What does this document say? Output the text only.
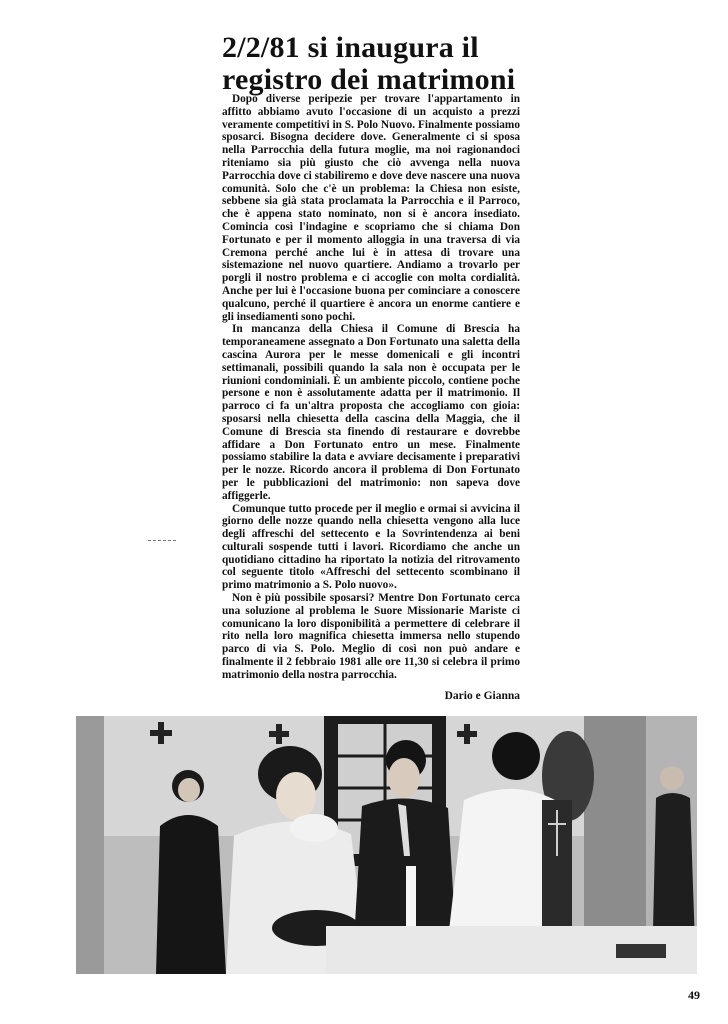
2/2/81 si inaugura il
registro dei matrimoni

Dopo diverse peripezie per trovare l'appartamento in affitto abbiamo avuto l'occasione di un acquisto a prezzi veramente competitivi in S. Polo Nuovo. Finalmente possiamo sposarci. Bisogna decidere dove. Generalmente ci si sposa nella Parrocchia della futura moglie, ma noi ragionandoci riteniamo sia più giusto che ciò avvenga nella nuova Parrocchia dove ci stabiliremo e dove deve nascere una nuova comunità. Solo che c'è un problema: la Chiesa non esiste, sebbene sia già stata proclamata la Parrocchia e il Parroco, che è appena stato nominato, non si è ancora insediato. Comincia così l'indagine e scopriamo che si chiama Don Fortunato e per il momento alloggia in una traversa di via Cremona perché anche lui è in attesa di trovare una sistemazione nel nuovo quartiere. Andiamo a trovarlo per porgli il nostro problema e ci accoglie con molta cordialità. Anche per lui è l'occasione buona per cominciare a conoscere qualcuno, perché il quartiere è ancora un enorme cantiere e gli insediamenti sono pochi.

In mancanza della Chiesa il Comune di Brescia ha temporaneamene assegnato a Don Fortunato una saletta della cascina Aurora per le messe domenicali e gli incontri settimanali, possibili quando la sala non è occupata per le riunioni condominiali. È un ambiente piccolo, contiene poche persone e non è assolutamente adatta per il matrimonio. Il parroco ci fa un'altra proposta che accogliamo con gioia: sposarsi nella chiesetta della cascina della Maggia, che il Comune di Brescia sta finendo di restaurare e dovrebbe affidare a Don Fortunato entro un mese. Finalmente possiamo stabilire la data e avviare decisamente i preparativi per le nozze. Ricordo ancora il problema di Don Fortunato per le pubblicazioni del matrimonio: non sapeva dove affiggerle.

Comunque tutto procede per il meglio e ormai si avvicina il giorno delle nozze quando nella chiesetta vengono alla luce degli affreschi del settecento e la Sovrintendenza ai beni culturali sospende tutti i lavori. Ricordiamo che anche un quotidiano cittadino ha riportato la notizia del ritrovamento col seguente titolo «Affreschi del settecento scombinano il primo matrimonio a S. Polo nuovo».

Non è più possibile sposarsi? Mentre Don Fortunato cerca una soluzione al problema le Suore Missionarie Mariste ci comunicano la loro disponibilità a permettere di celebrare il rito nella loro magnifica chiesetta immersa nello stupendo parco di via S. Polo. Meglio di così non può andare e finalmente il 2 febbraio 1981 alle ore 11,30 si celebra il primo matrimonio della nostra parrocchia.

Dario e Gianna
49
